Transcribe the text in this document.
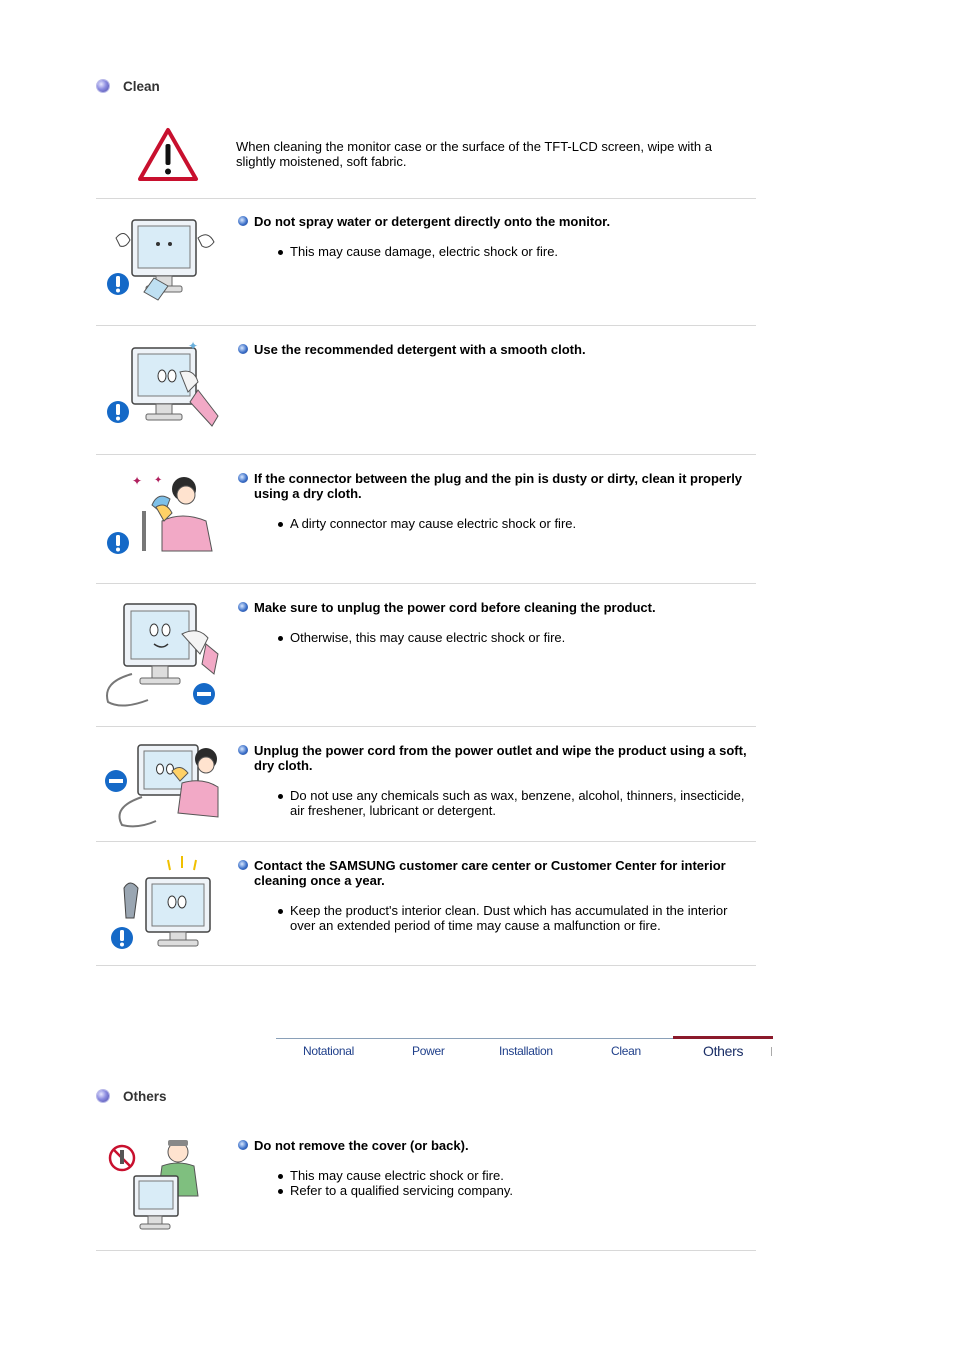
Clean
When cleaning the monitor case or the surface of the TFT-LCD screen, wipe with a slightly moistened, soft fabric.
Do not spray water or detergent directly onto the monitor.
This may cause damage, electric shock or fire.
✦	Use the recommended detergent with a smooth cloth.
✦ ✦	If the connector between the plug and the pin is dusty or dirty, clean it properly using a dry cloth.
A dirty connector may cause electric shock or fire.
Make sure to unplug the power cord before cleaning the product.
Otherwise, this may cause electric shock or fire.
Unplug the power cord from the power outlet and wipe the product using a soft, dry cloth.
Do not use any chemicals such as wax, benzene, alcohol, thinners, insecticide, air freshener, lubricant or detergent.
Contact the SAMSUNG customer care center or Customer Center for interior cleaning once a year.
Keep the product's interior clean. Dust which has accumulated in the interior over an extended period of time may cause a malfunction or fire.
Notational	Power	Installation	Clean	Others
Others
Do not remove the cover (or back).
This may cause electric shock or fire.
Refer to a qualified servicing company.
